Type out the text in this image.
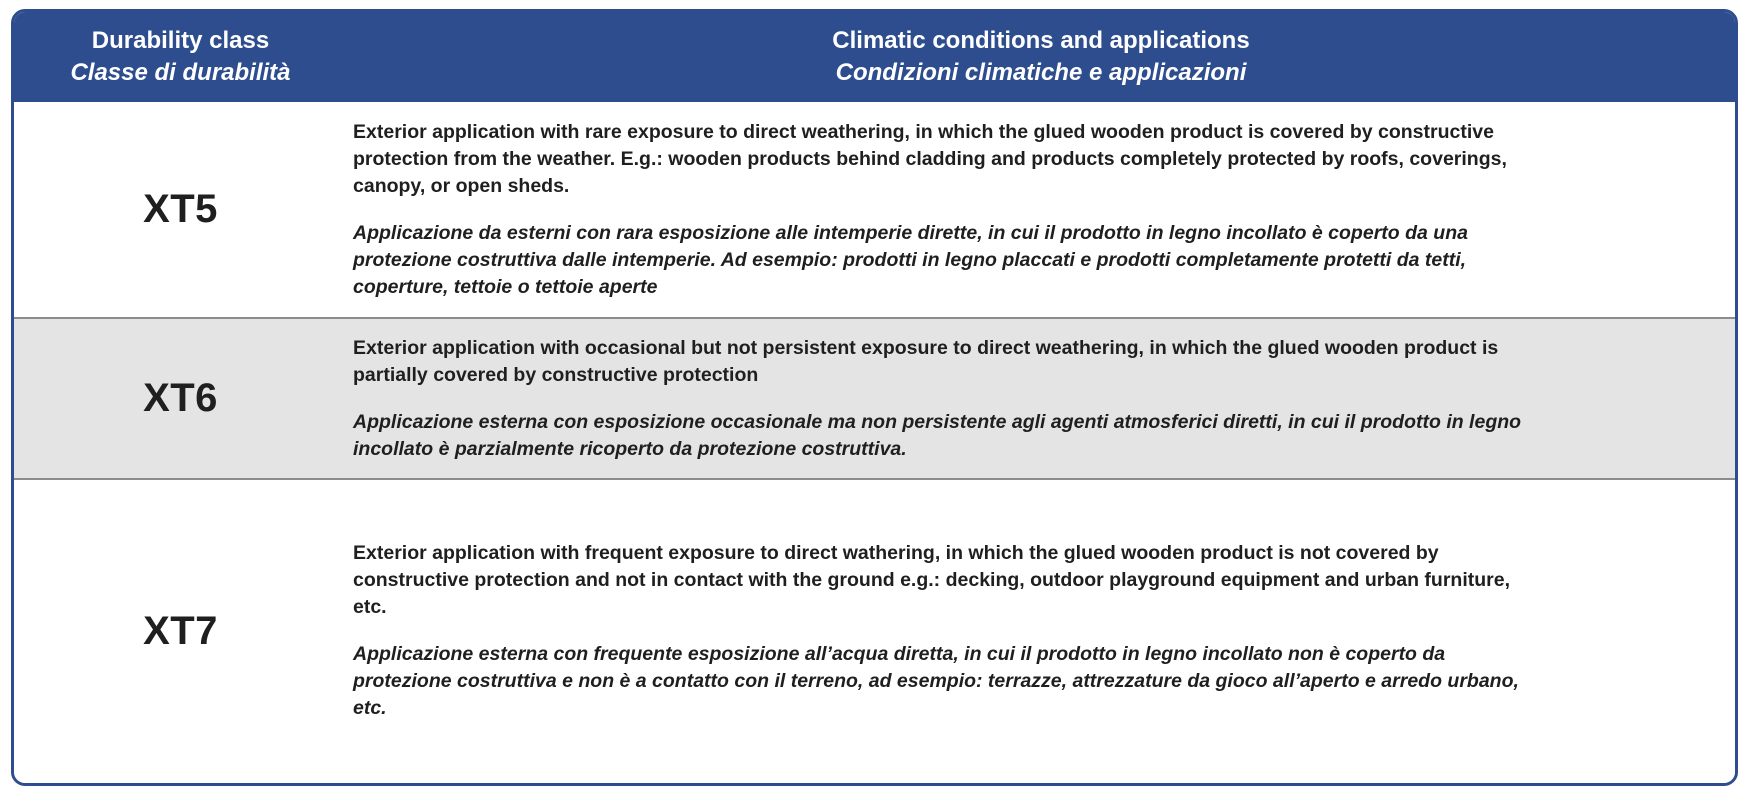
Durability class
Classe di durabilità
Climatic conditions and applications
Condizioni climatiche e applicazioni
XT5

Exterior application with rare exposure to direct weathering, in which the glued wooden product is covered by constructive protection from the weather. E.g.: wooden products behind cladding and products completely protected by roofs, coverings, canopy, or open sheds.

Applicazione da esterni con rara esposizione alle intemperie dirette, in cui il prodotto in legno incollato è coperto da una protezione costruttiva dalle intemperie. Ad esempio: prodotti in legno placcati e prodotti completamente protetti da tetti, coperture, tettoie o tettoie aperte

XT6

Exterior application with occasional but not persistent exposure to direct weathering, in which the glued wooden product is partially covered by constructive protection

Applicazione esterna con esposizione occasionale ma non persistente agli agenti atmosferici diretti, in cui il prodotto in legno incollato è parzialmente ricoperto da protezione costruttiva.

XT7

Exterior application with frequent exposure to direct wathering, in which the glued wooden product is not covered by constructive protection and not in contact with the ground e.g.: decking, outdoor playground equipment and urban furniture, etc.

Applicazione esterna con frequente esposizione all’acqua diretta, in cui il prodotto in legno incollato non è coperto da protezione costruttiva e non è a contatto con il terreno, ad esempio: terrazze, attrezzature da gioco all’aperto e arredo urbano, etc.
